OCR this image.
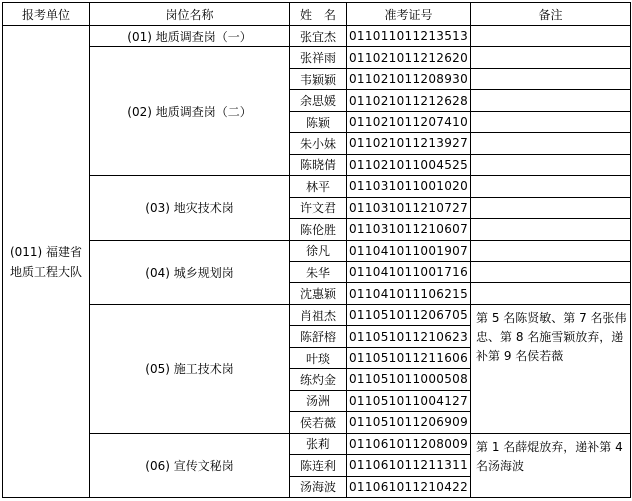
报考单位	岗位名称	姓　名	准考证号	备注
(011) 福建省地质工程大队	(01) 地质调查岗（一）	张宜杰	011011011213513	
	(02) 地质调查岗（二）	张祥雨	011021011212620	
		韦颖颖	011021011208930	
		余思媛	011021011212628	
		陈颖	011021011207410	
		朱小妹	011021011213927	
		陈晓倩	011021011004525	
	(03) 地灾技术岗	林平	011031011001020	
		许文君	011031011210727	
		陈伦胜	011031011210607	
	(04) 城乡规划岗	徐凡	011041011001907	
		朱华	011041011001716	
		沈惠颖	011041011106215	
	(05) 施工技术岗	肖祖杰	011051011206705	第 5 名陈贤敏、第 7 名张伟忠、第 8 名施雪颖放弃，递补第 9 名侯若薇
		陈舒榕	011051011210623	
		叶琰	011051011211606	
		练灼金	011051011000508	
		汤洲	011051011004127	
		侯若薇	011051011206909	
	(06) 宣传文秘岗	张莉	011061011208009	第 1 名薛焜放弃，递补第 4 名汤海波
		陈连利	011061011211311	
		汤海波	011061011210422	
